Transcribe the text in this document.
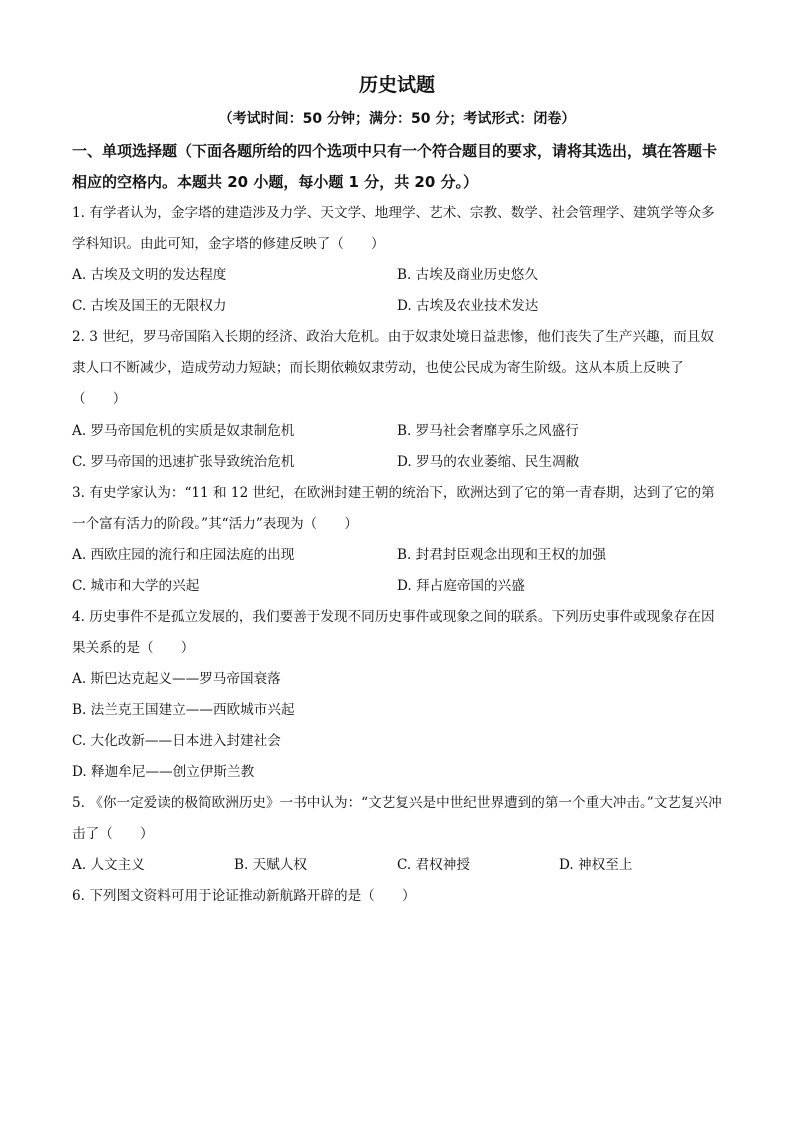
历史试题
（考试时间：50 分钟；满分：50 分；考试形式：闭卷）
一、单项选择题（下面各题所给的四个选项中只有一个符合题目的要求，请将其选出，填在答题卡相应的空格内。本题共 20 小题，每小题 1 分，共 20 分。）
1. 有学者认为，金字塔的建造涉及力学、天文学、地理学、艺术、宗教、数学、社会管理学、建筑学等众多学科知识。由此可知，金字塔的修建反映了（　　）
A. 古埃及文明的发达程度	B. 古埃及商业历史悠久
C. 古埃及国王的无限权力	D. 古埃及农业技术发达
2. 3 世纪，罗马帝国陷入长期的经济、政治大危机。由于奴隶处境日益悲惨，他们丧失了生产兴趣，而且奴隶人口不断减少，造成劳动力短缺；而长期依赖奴隶劳动，也使公民成为寄生阶级。这从本质上反映了（　　）
A. 罗马帝国危机的实质是奴隶制危机	B. 罗马社会奢靡享乐之风盛行
C. 罗马帝国的迅速扩张导致统治危机	D. 罗马的农业萎缩、民生凋敝
3. 有史学家认为：“11 和 12 世纪，在欧洲封建王朝的统治下，欧洲达到了它的第一青春期，达到了它的第一个富有活力的阶段。”其“活力”表现为（　　）
A. 西欧庄园的流行和庄园法庭的出现	B. 封君封臣观念出现和王权的加强
C. 城市和大学的兴起	D. 拜占庭帝国的兴盛
4. 历史事件不是孤立发展的，我们要善于发现不同历史事件或现象之间的联系。下列历史事件或现象存在因果关系的是（　　）
A. 斯巴达克起义——罗马帝国衰落
B. 法兰克王国建立——西欧城市兴起
C. 大化改新——日本进入封建社会
D. 释迦牟尼——创立伊斯兰教
5. 《你一定爱读的极简欧洲历史》一书中认为：“文艺复兴是中世纪世界遭到的第一个重大冲击。”文艺复兴冲击了（　　）
A. 人文主义	B. 天赋人权	C. 君权神授	D. 神权至上
6. 下列图文资料可用于论证推动新航路开辟的是（　　）
